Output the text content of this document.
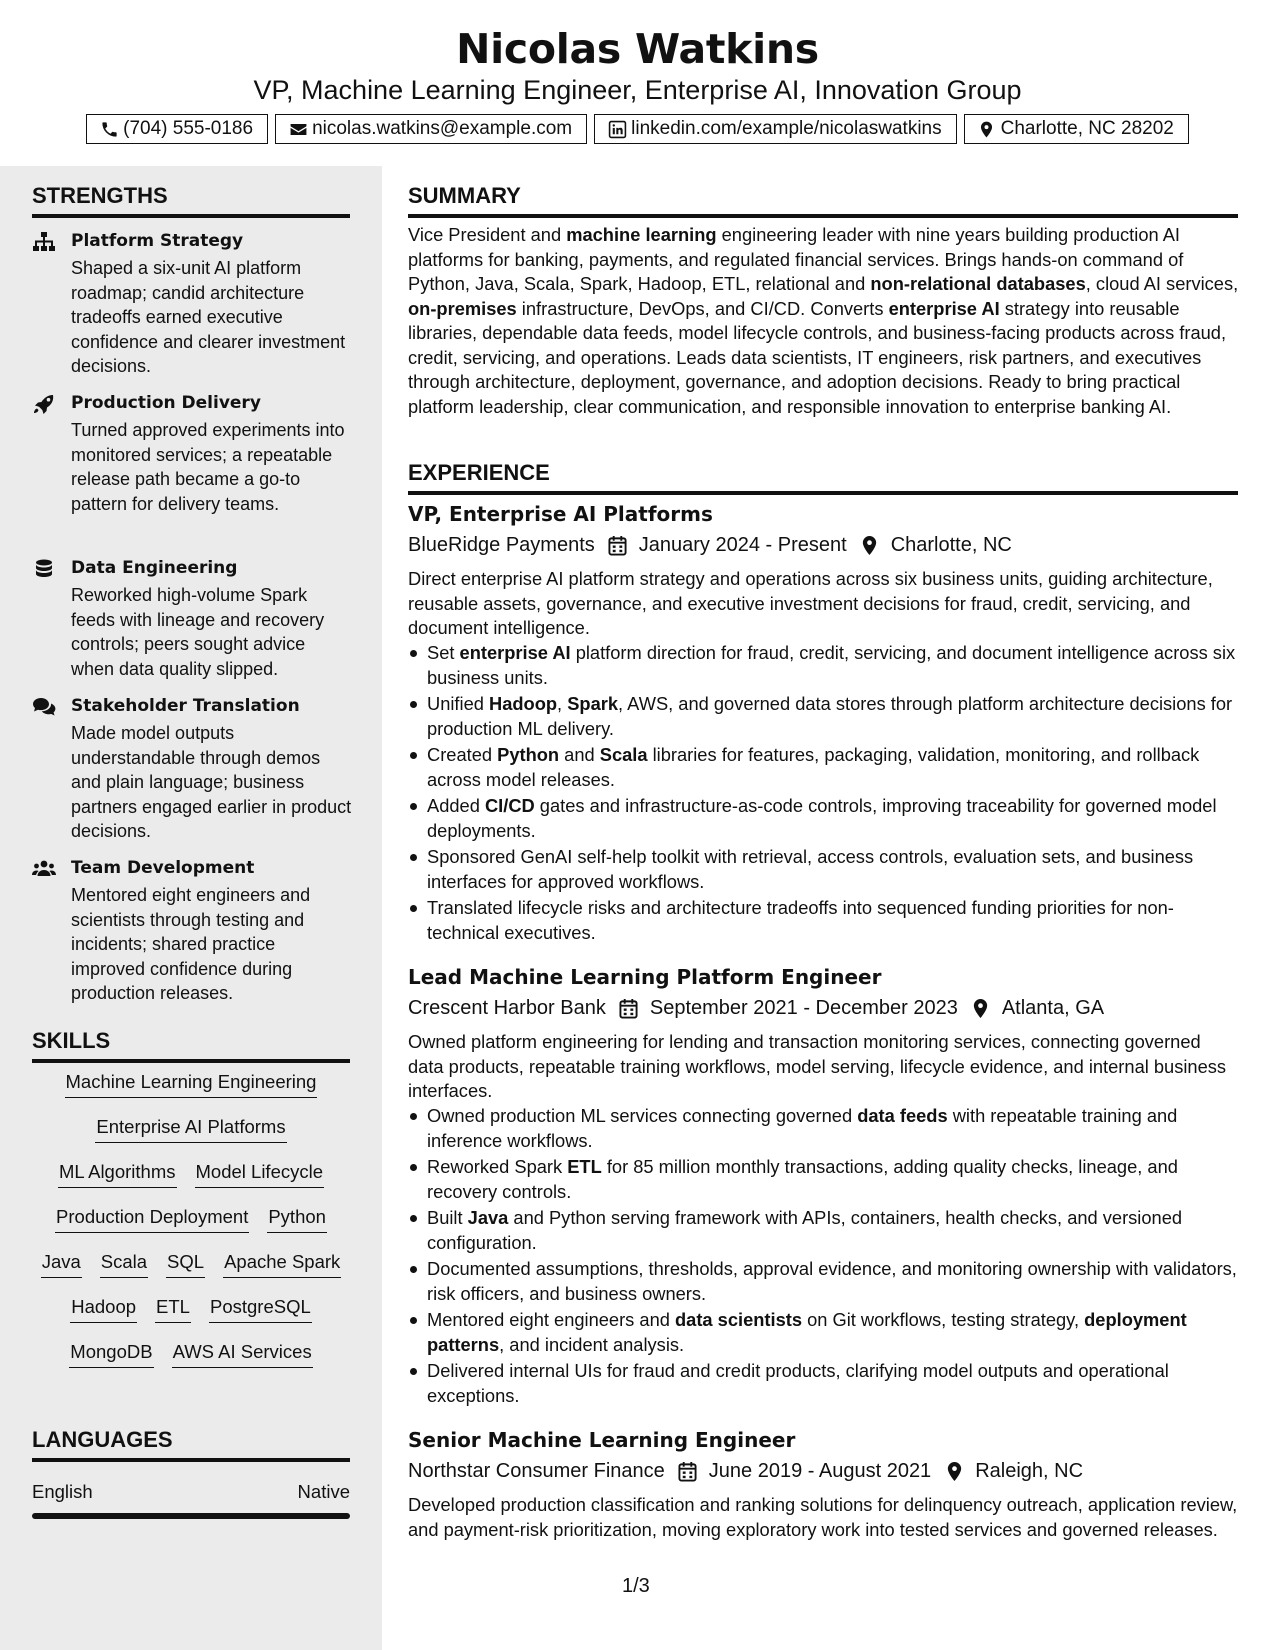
Nicolas Watkins
VP, Machine Learning Engineer, Enterprise AI, Innovation Group
(704) 555-0186	nicolas.watkins@example.com	linkedin.com/example/nicolaswatkins	Charlotte, NC 28202
STRENGTHS
Platform Strategy
Shaped a six-unit AI platform roadmap; candid architecture tradeoffs earned executive confidence and clearer investment decisions.
Production Delivery
Turned approved experiments into monitored services; a repeatable release path became a go-to pattern for delivery teams.
Data Engineering
Reworked high-volume Spark feeds with lineage and recovery controls; peers sought advice when data quality slipped.
Stakeholder Translation
Made model outputs understandable through demos and plain language; business partners engaged earlier in product decisions.
Team Development
Mentored eight engineers and scientists through testing and incidents; shared practice improved confidence during production releases.
SKILLS
Machine Learning Engineering
Enterprise AI Platforms
ML Algorithms Model Lifecycle
Production Deployment Python
Java Scala SQL Apache Spark
Hadoop ETL PostgreSQL
MongoDB AWS AI Services
LANGUAGES
English	Native
SUMMARY
Vice President and machine learning engineering leader with nine years building production AI platforms for banking, payments, and regulated financial services. Brings hands-on command of Python, Java, Scala, Spark, Hadoop, ETL, relational and non-relational databases, cloud AI services, on-premises infrastructure, DevOps, and CI/CD. Converts enterprise AI strategy into reusable libraries, dependable data feeds, model lifecycle controls, and business-facing products across fraud, credit, servicing, and operations. Leads data scientists, IT engineers, risk partners, and executives through architecture, deployment, governance, and adoption decisions. Ready to bring practical platform leadership, clear communication, and responsible innovation to enterprise banking AI.
EXPERIENCE
VP, Enterprise AI Platforms
BlueRidge Payments January 2024 - Present Charlotte, NC
Direct enterprise AI platform strategy and operations across six business units, guiding architecture, reusable assets, governance, and executive investment decisions for fraud, credit, servicing, and document intelligence.
Set enterprise AI platform direction for fraud, credit, servicing, and document intelligence across six business units.
Unified Hadoop, Spark, AWS, and governed data stores through platform architecture decisions for production ML delivery.
Created Python and Scala libraries for features, packaging, validation, monitoring, and rollback across model releases.
Added CI/CD gates and infrastructure-as-code controls, improving traceability for governed model deployments.
Sponsored GenAI self-help toolkit with retrieval, access controls, evaluation sets, and business interfaces for approved workflows.
Translated lifecycle risks and architecture tradeoffs into sequenced funding priorities for non-technical executives.
Lead Machine Learning Platform Engineer
Crescent Harbor Bank September 2021 - December 2023 Atlanta, GA
Owned platform engineering for lending and transaction monitoring services, connecting governed data products, repeatable training workflows, model serving, lifecycle evidence, and internal business interfaces.
Owned production ML services connecting governed data feeds with repeatable training and inference workflows.
Reworked Spark ETL for 85 million monthly transactions, adding quality checks, lineage, and recovery controls.
Built Java and Python serving framework with APIs, containers, health checks, and versioned configuration.
Documented assumptions, thresholds, approval evidence, and monitoring ownership with validators, risk officers, and business owners.
Mentored eight engineers and data scientists on Git workflows, testing strategy, deployment patterns, and incident analysis.
Delivered internal UIs for fraud and credit products, clarifying model outputs and operational exceptions.
Senior Machine Learning Engineer
Northstar Consumer Finance June 2019 - August 2021 Raleigh, NC
Developed production classification and ranking solutions for delinquency outreach, application review, and payment-risk prioritization, moving exploratory work into tested services and governed releases.
1/3
